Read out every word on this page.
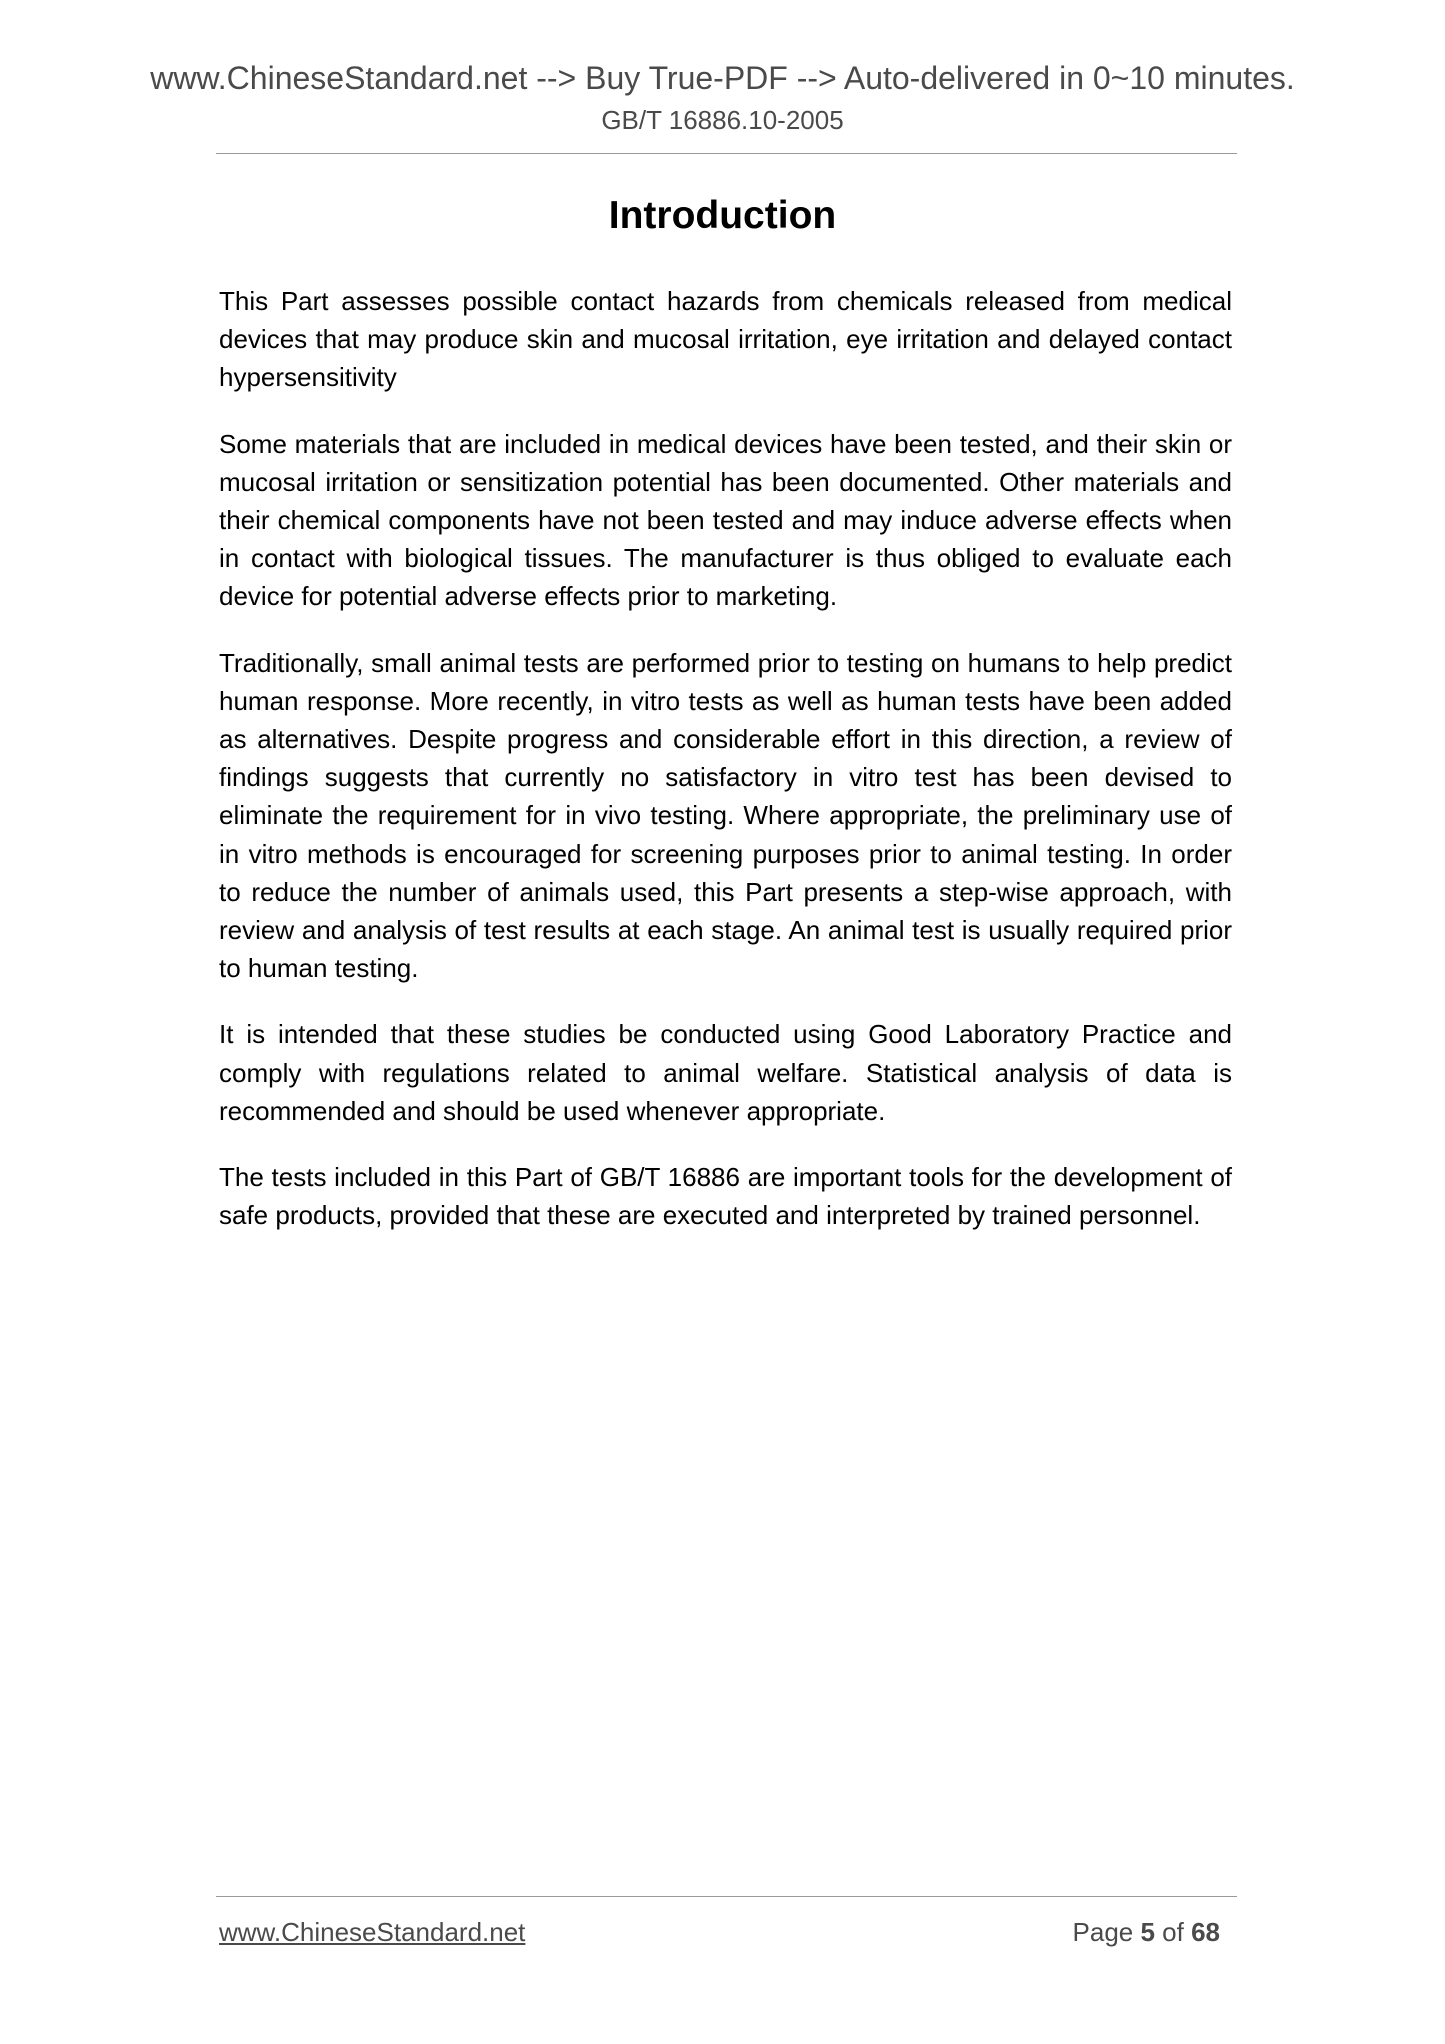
www.ChineseStandard.net --> Buy True-PDF --> Auto-delivered in 0~10 minutes.
GB/T 16886.10-2005
Introduction

This Part assesses possible contact hazards from chemicals released from medical devices that may produce skin and mucosal irritation, eye irritation and delayed contact hypersensitivity

Some materials that are included in medical devices have been tested, and their skin or mucosal irritation or sensitization potential has been documented. Other materials and their chemical components have not been tested and may induce adverse effects when in contact with biological tissues. The manufacturer is thus obliged to evaluate each device for potential adverse effects prior to marketing.

Traditionally, small animal tests are performed prior to testing on humans to help predict human response. More recently, in vitro tests as well as human tests have been added as alternatives. Despite progress and considerable effort in this direction, a review of findings suggests that currently no satisfactory in vitro test has been devised to eliminate the requirement for in vivo testing. Where appropriate, the preliminary use of in vitro methods is encouraged for screening purposes prior to animal testing. In order to reduce the number of animals used, this Part presents a step-wise approach, with review and analysis of test results at each stage. An animal test is usually required prior to human testing.

It is intended that these studies be conducted using Good Laboratory Practice and comply with regulations related to animal welfare. Statistical analysis of data is recommended and should be used whenever appropriate.

The tests included in this Part of GB/T 16886 are important tools for the development of safe products, provided that these are executed and interpreted by trained personnel.

www.ChineseStandard.net	Page 5 of 68
